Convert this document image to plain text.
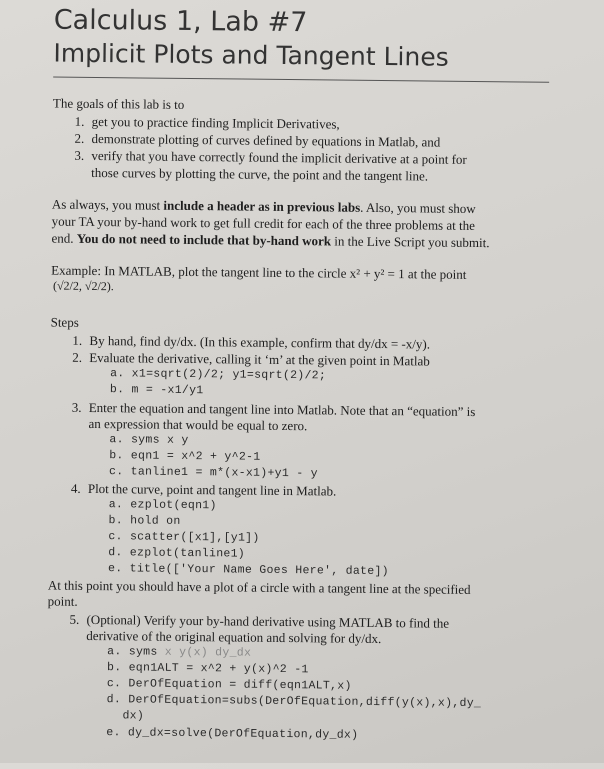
Calculus 1, Lab #7
Implicit Plots and Tangent Lines
The goals of this lab is to
1. get you to practice finding Implicit Derivatives,
2. demonstrate plotting of curves defined by equations in Matlab, and
3. verify that you have correctly found the implicit derivative at a point for
those curves by plotting the curve, the point and the tangent line.
As always, you must include a header as in previous labs. Also, you must show
your TA your by-hand work to get full credit for each of the three problems at the
end. You do not need to include that by-hand work in the Live Script you submit.
Example: In MATLAB, plot the tangent line to the circle x² + y² = 1 at the point
(√2/2, √2/2).
Steps
1. By hand, find dy/dx. (In this example, confirm that dy/dx = -x/y).
2. Evaluate the derivative, calling it ‘m’ at the given point in Matlab
a. x1=sqrt(2)/2; y1=sqrt(2)/2;
b. m = -x1/y1
3. Enter the equation and tangent line into Matlab. Note that an “equation” is
an expression that would be equal to zero.
a. syms x y
b. eqn1 = x^2 + y^2-1
c. tanline1 = m*(x-x1)+y1 - y
4. Plot the curve, point and tangent line in Matlab.
a. ezplot(eqn1)
b. hold on
c. scatter([x1],[y1])
d. ezplot(tanline1)
e. title(['Your Name Goes Here', date])
At this point you should have a plot of a circle with a tangent line at the specified
point.
5. (Optional) Verify your by-hand derivative using MATLAB to find the
derivative of the original equation and solving for dy/dx.
a. syms x y(x) dy_dx
b. eqn1ALT = x^2 + y(x)^2 -1
c. DerOfEquation = diff(eqn1ALT,x)
d. DerOfEquation=subs(DerOfEquation,diff(y(x),x),dy_
dx)
e. dy_dx=solve(DerOfEquation,dy_dx)
